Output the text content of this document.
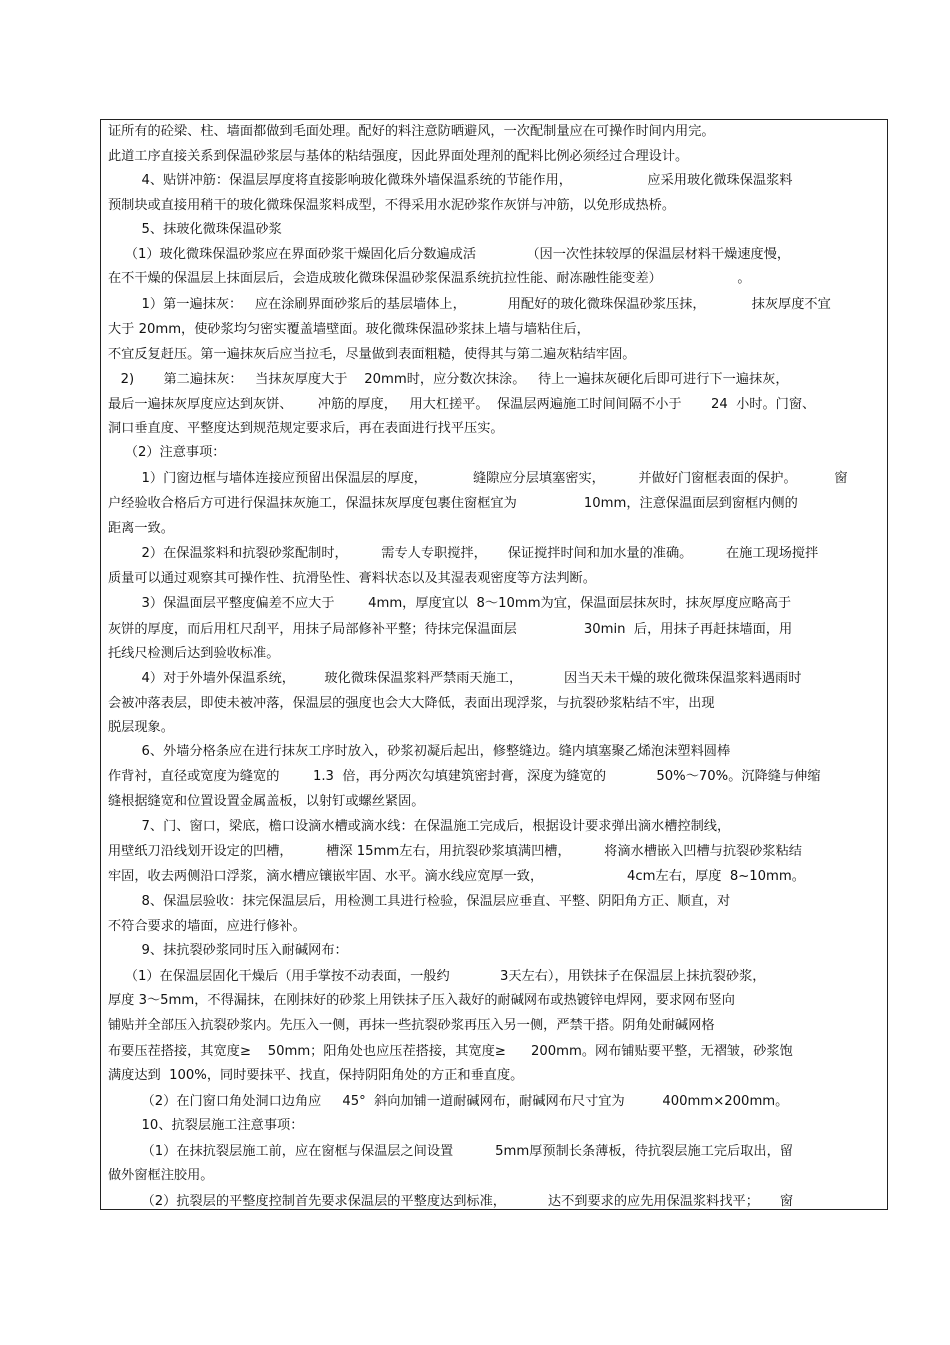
证所有的砼梁、柱、墙面都做到毛面处理。配好的料注意防晒避风，一次配制量应在可操作时间内用完。
此道工序直接关系到保温砂浆层与基体的粘结强度，因此界面处理剂的配料比例必须经过合理设计。
4、贴饼冲筋：保温层厚度将直接影响玻化微珠外墙保温系统的节能作用，                  应采用玻化微珠保温浆料
预制块或直接用稍干的玻化微珠保温浆料成型，不得采用水泥砂浆作灰饼与冲筋，以免形成热桥。
5、抹玻化微珠保温砂浆
（1）玻化微珠保温砂浆应在界面砂浆干燥固化后分数遍成活            （因一次性抹较厚的保温层材料干燥速度慢，
在不干燥的保温层上抹面层后，会造成玻化微珠保温砂浆保温系统抗拉性能、耐冻融性能变差）                  。
1）第一遍抹灰：   应在涂刷界面砂浆后的基层墙体上，          用配好的玻化微珠保温砂浆压抹，           抹灰厚度不宜
大于 20mm，使砂浆均匀密实覆盖墙壁面。玻化微珠保温砂浆抹上墙与墙粘住后，
不宜反复赶压。第一遍抹灰后应当拉毛，尽量做到表面粗糙，使得其与第二遍灰粘结牢固。
2)       第二遍抹灰：   当抹灰厚度大于    20mm时，应分数次抹涂。   待上一遍抹灰硬化后即可进行下一遍抹灰，
最后一遍抹灰厚度应达到灰饼、      冲筋的厚度，   用大杠搓平。  保温层两遍施工时间间隔不小于       24  小时。门窗、
洞口垂直度、平整度达到规范规定要求后，再在表面进行找平压实。
（2）注意事项：
1）门窗边框与墙体连接应预留出保温层的厚度，           缝隙应分层填塞密实，        并做好门窗框表面的保护。         窗
户经验收合格后方可进行保温抹灰施工，保温抹灰厚度包裹住窗框宜为                10mm，注意保温面层到窗框内侧的
距离一致。
2）在保温浆料和抗裂砂浆配制时，        需专人专职搅拌，     保证搅拌时间和加水量的准确。        在施工现场搅拌
质量可以通过观察其可操作性、抗滑坠性、膏料状态以及其湿表观密度等方法判断。
3）保温面层平整度偏差不应大于        4mm，厚度宜以  8～10mm为宜，保温面层抹灰时，抹灰厚度应略高于
灰饼的厚度，而后用杠尺刮平，用抹子局部修补平整；待抹完保温面层                30min  后，用抹子再赶抹墙面，用
托线尺检测后达到验收标准。
4）对于外墙外保温系统，       玻化微珠保温浆料严禁雨天施工，          因当天未干燥的玻化微珠保温浆料遇雨时
会被冲落表层，即使未被冲落，保温层的强度也会大大降低，表面出现浮浆，与抗裂砂浆粘结不牢，出现
脱层现象。
6、外墙分格条应在进行抹灰工序时放入，砂浆初凝后起出，修整缝边。缝内填塞聚乙烯泡沫塑料圆棒
作背衬，直径或宽度为缝宽的        1.3  倍，再分两次勾填建筑密封膏，深度为缝宽的            50%～70%。沉降缝与伸缩
缝根据缝宽和位置设置金属盖板，以射钉或螺丝紧固。
7、门、窗口，梁底，檐口设滴水槽或滴水线：在保温施工完成后，根据设计要求弹出滴水槽控制线，
用壁纸刀沿线划开设定的凹槽，        槽深 15mm左右，用抗裂砂浆填满凹槽，        将滴水槽嵌入凹槽与抗裂砂浆粘结
牢固，收去两侧沿口浮浆，滴水槽应镶嵌牢固、水平。滴水线应宽厚一致，                    4cm左右，厚度  8~10mm。
8、保温层验收：抹完保温层后，用检测工具进行检验，保温层应垂直、平整、阴阳角方正、顺直，对
不符合要求的墙面，应进行修补。
9、抹抗裂砂浆同时压入耐碱网布：
（1）在保温层固化干燥后（用手掌按不动表面，一般约            3天左右），用铁抹子在保温层上抹抗裂砂浆，
厚度 3～5mm，不得漏抹，在刚抹好的砂浆上用铁抹子压入裁好的耐碱网布或热镀锌电焊网，要求网布竖向
铺贴并全部压入抗裂砂浆内。先压入一侧，再抹一些抗裂砂浆再压入另一侧，严禁干搭。阴角处耐碱网格
布要压茬搭接，其宽度≥    50mm；阳角处也应压茬搭接，其宽度≥      200mm。网布铺贴要平整，无褶皱，砂浆饱
满度达到  100%，同时要抹平、找直，保持阴阳角处的方正和垂直度。
（2）在门窗口角处洞口边角应     45°  斜向加铺一道耐碱网布，耐碱网布尺寸宜为         400mm×200mm。
10、抗裂层施工注意事项：
（1）在抹抗裂层施工前，应在窗框与保温层之间设置          5mm厚预制长条薄板，待抗裂层施工完后取出，留
做外窗框注胶用。
（2）抗裂层的平整度控制首先要求保温层的平整度达到标准，          达不到要求的应先用保温浆料找平；     窗
